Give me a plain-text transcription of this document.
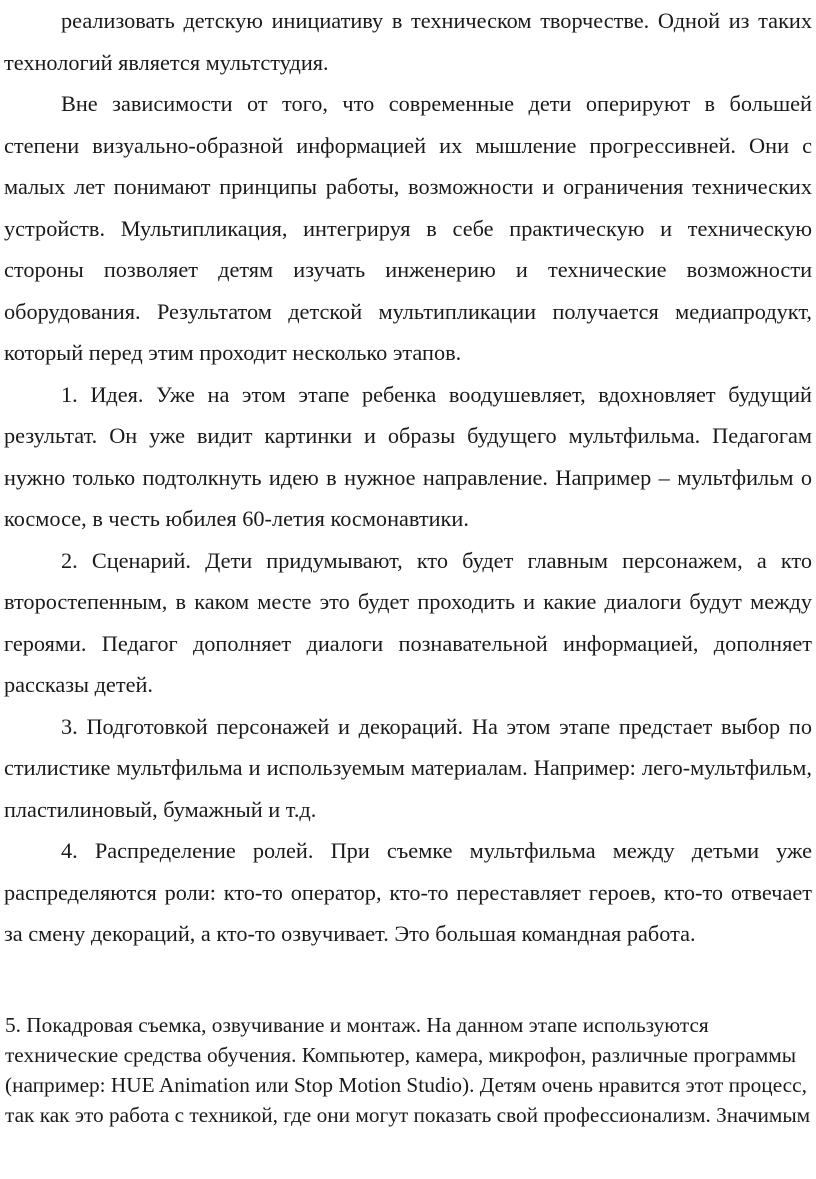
реализовать детскую инициативу в техническом творчестве. Одной из таких технологий является мультстудия.

Вне зависимости от того, что современные дети оперируют в большей степени визуально-образной информацией их мышление прогрессивней. Они с малых лет понимают принципы работы, возможности и ограничения технических устройств. Мультипликация, интегрируя в себе практическую и техническую стороны позволяет детям изучать инженерию и технические возможности оборудования. Результатом детской мультипликации получается медиапродукт, который перед этим проходит несколько этапов.

1. Идея. Уже на этом этапе ребенка воодушевляет, вдохновляет будущий результат. Он уже видит картинки и образы будущего мультфильма. Педагогам нужно только подтолкнуть идею в нужное направление. Например – мультфильм о космосе, в честь юбилея 60-летия космонавтики.

2. Сценарий. Дети придумывают, кто будет главным персонажем, а кто второстепенным, в каком месте это будет проходить и какие диалоги будут между героями. Педагог дополняет диалоги познавательной информацией, дополняет рассказы детей.

3. Подготовкой персонажей и декораций. На этом этапе предстает выбор по стилистике мультфильма и используемым материалам. Например: лего-мультфильм, пластилиновый, бумажный и т.д.

4. Распределение ролей. При съемке мультфильма между детьми уже распределяются роли: кто-то оператор, кто-то переставляет героев, кто-то отвечает за смену декораций, а кто-то озвучивает. Это большая командная работа.

5. Покадровая съемка, озвучивание и монтаж. На данном этапе используются технические средства обучения. Компьютер, камера, микрофон, различные программы (например: HUE Animation или Stop Motion Studio). Детям очень нравится этот процесс, так как это работа с техникой, где они могут показать свой профессионализм. Значимым
